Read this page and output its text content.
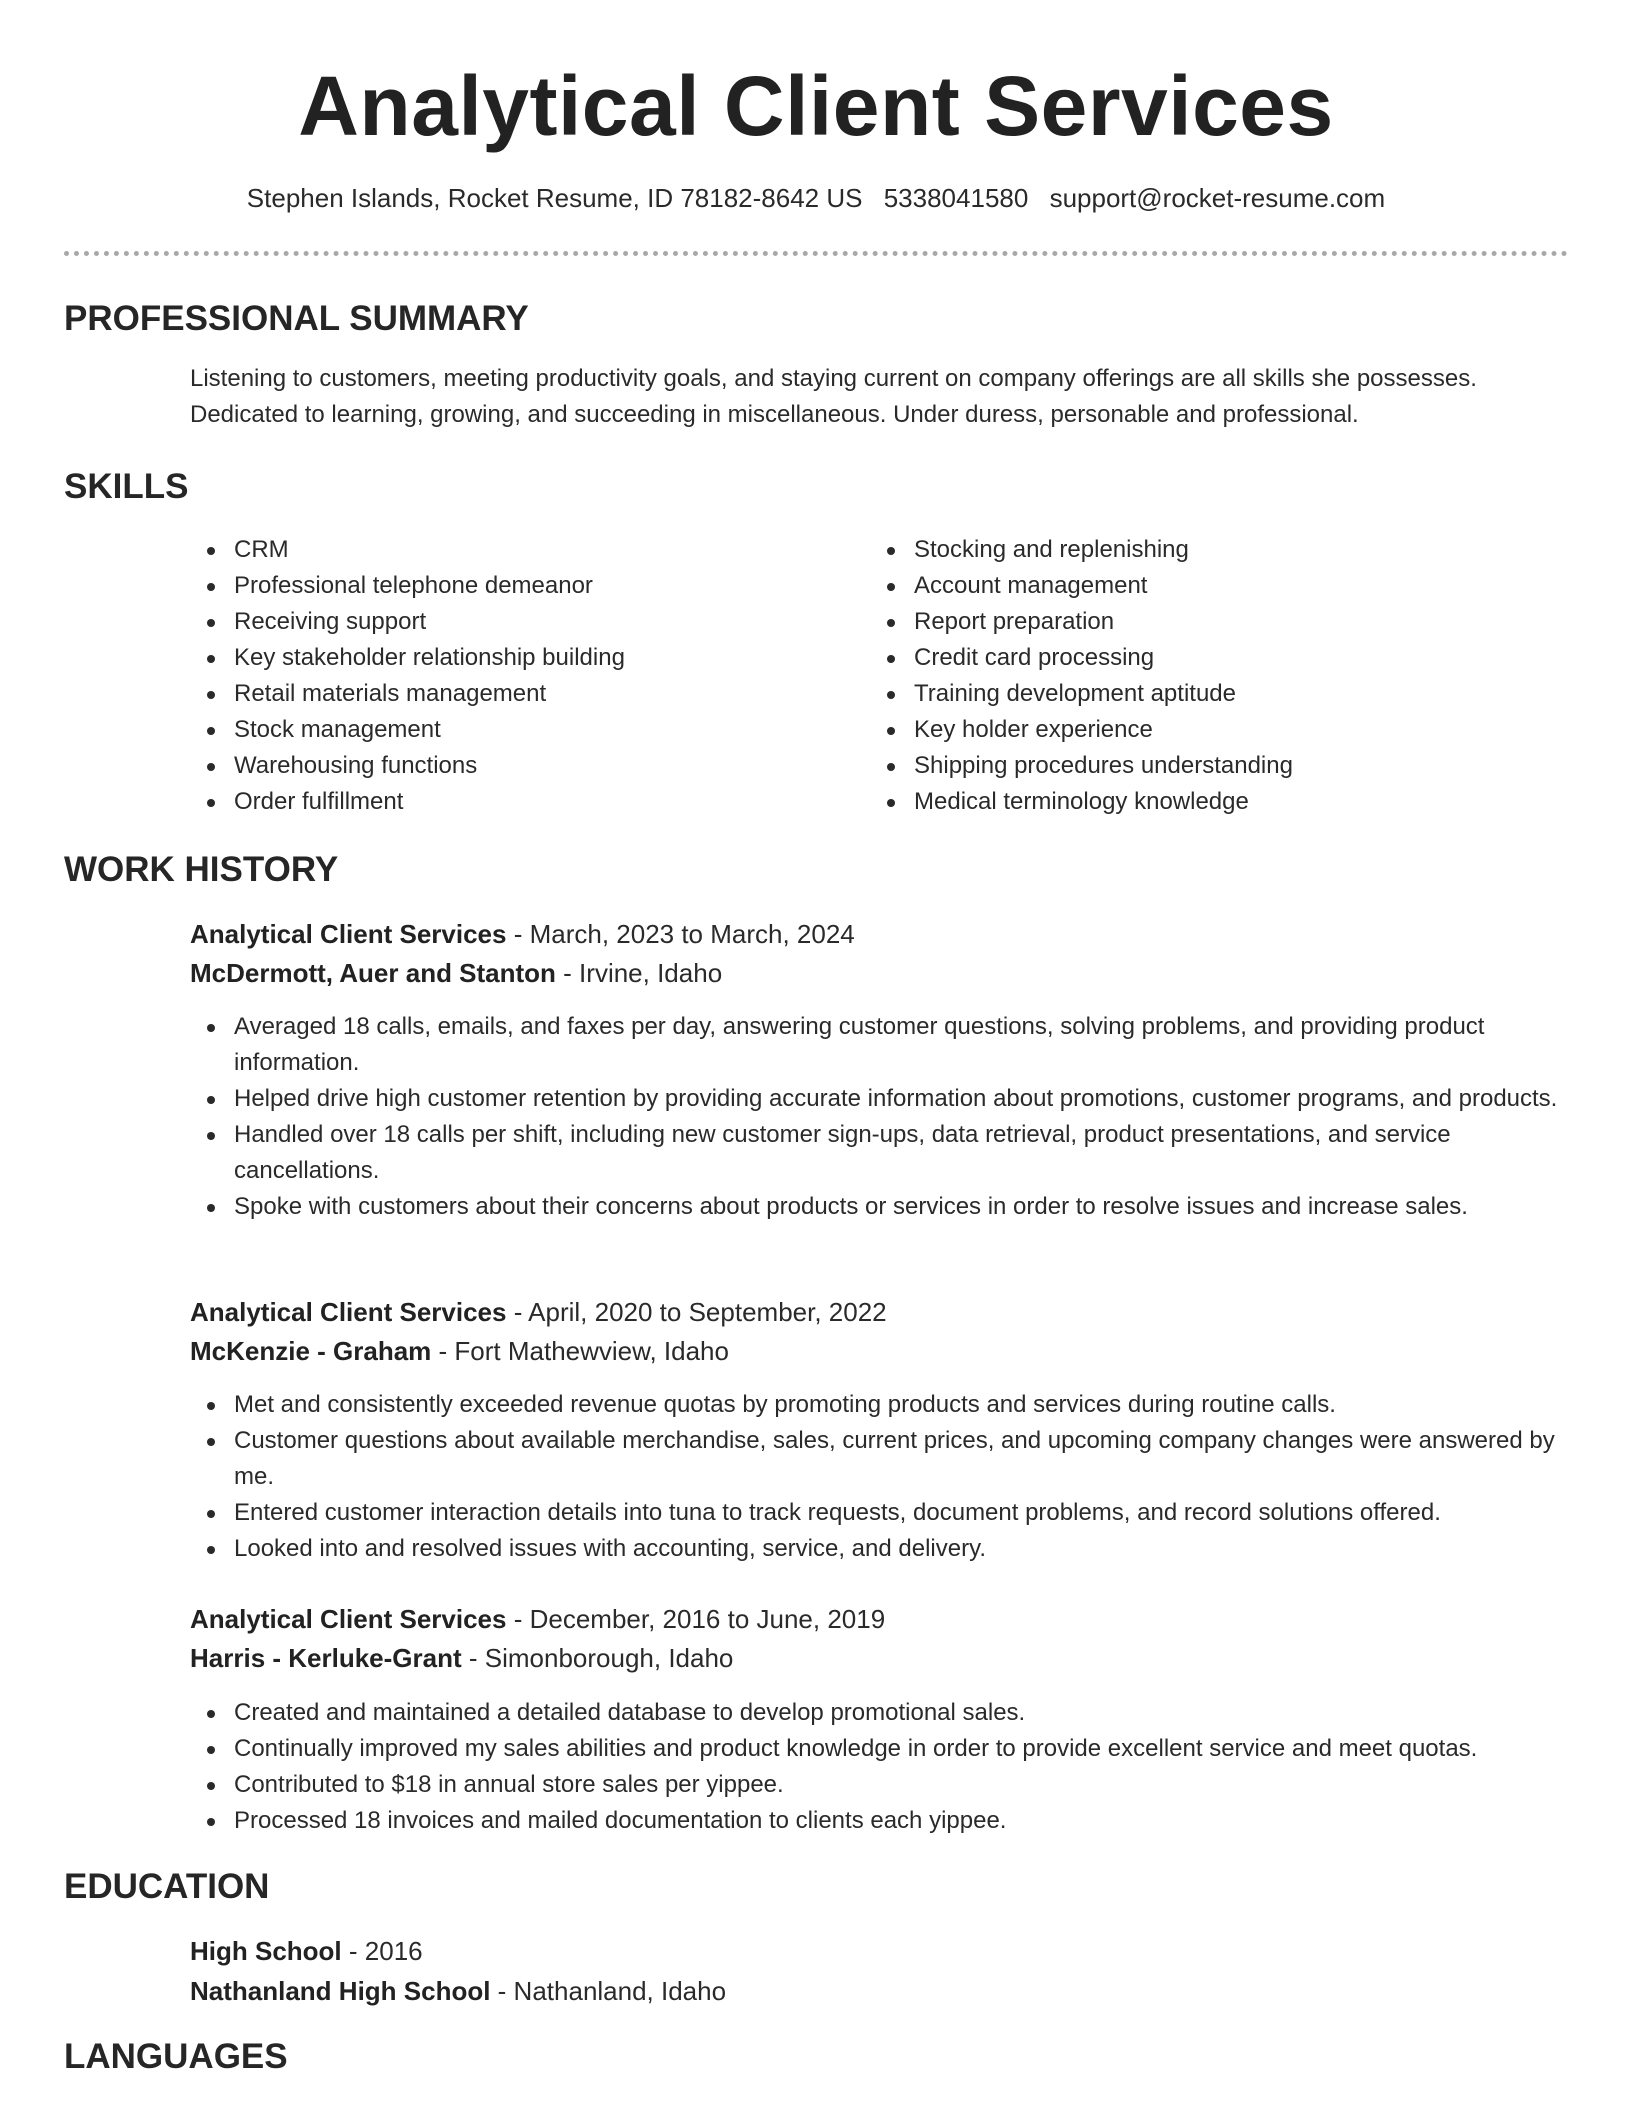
Analytical Client Services
Stephen Islands, Rocket Resume, ID 78182-8642 US 5338041580 support@rocket-resume.com
PROFESSIONAL SUMMARY

Listening to customers, meeting productivity goals, and staying current on company offerings are all skills she possesses.

Dedicated to learning, growing, and succeeding in miscellaneous. Under duress, personable and professional.

SKILLS
CRM
Professional telephone demeanor
Receiving support
Key stakeholder relationship building
Retail materials management
Stock management
Warehousing functions
Order fulfillment
Stocking and replenishing
Account management
Report preparation
Credit card processing
Training development aptitude
Key holder experience
Shipping procedures understanding
Medical terminology knowledge
WORK HISTORY
Analytical Client Services - March, 2023 to March, 2024
McDermott, Auer and Stanton - Irvine, Idaho
Averaged 18 calls, emails, and faxes per day, answering customer questions, solving problems, and providing product information.
Helped drive high customer retention by providing accurate information about promotions, customer programs, and products.
Handled over 18 calls per shift, including new customer sign-ups, data retrieval, product presentations, and service cancellations.
Spoke with customers about their concerns about products or services in order to resolve issues and increase sales.
Analytical Client Services - April, 2020 to September, 2022
McKenzie - Graham - Fort Mathewview, Idaho
Met and consistently exceeded revenue quotas by promoting products and services during routine calls.
Customer questions about available merchandise, sales, current prices, and upcoming company changes were answered by me.
Entered customer interaction details into tuna to track requests, document problems, and record solutions offered.
Looked into and resolved issues with accounting, service, and delivery.
Analytical Client Services - December, 2016 to June, 2019
Harris - Kerluke-Grant - Simonborough, Idaho
Created and maintained a detailed database to develop promotional sales.
Continually improved my sales abilities and product knowledge in order to provide excellent service and meet quotas.
Contributed to $18 in annual store sales per yippee.
Processed 18 invoices and mailed documentation to clients each yippee.
EDUCATION
High School - 2016
Nathanland High School - Nathanland, Idaho
LANGUAGES
